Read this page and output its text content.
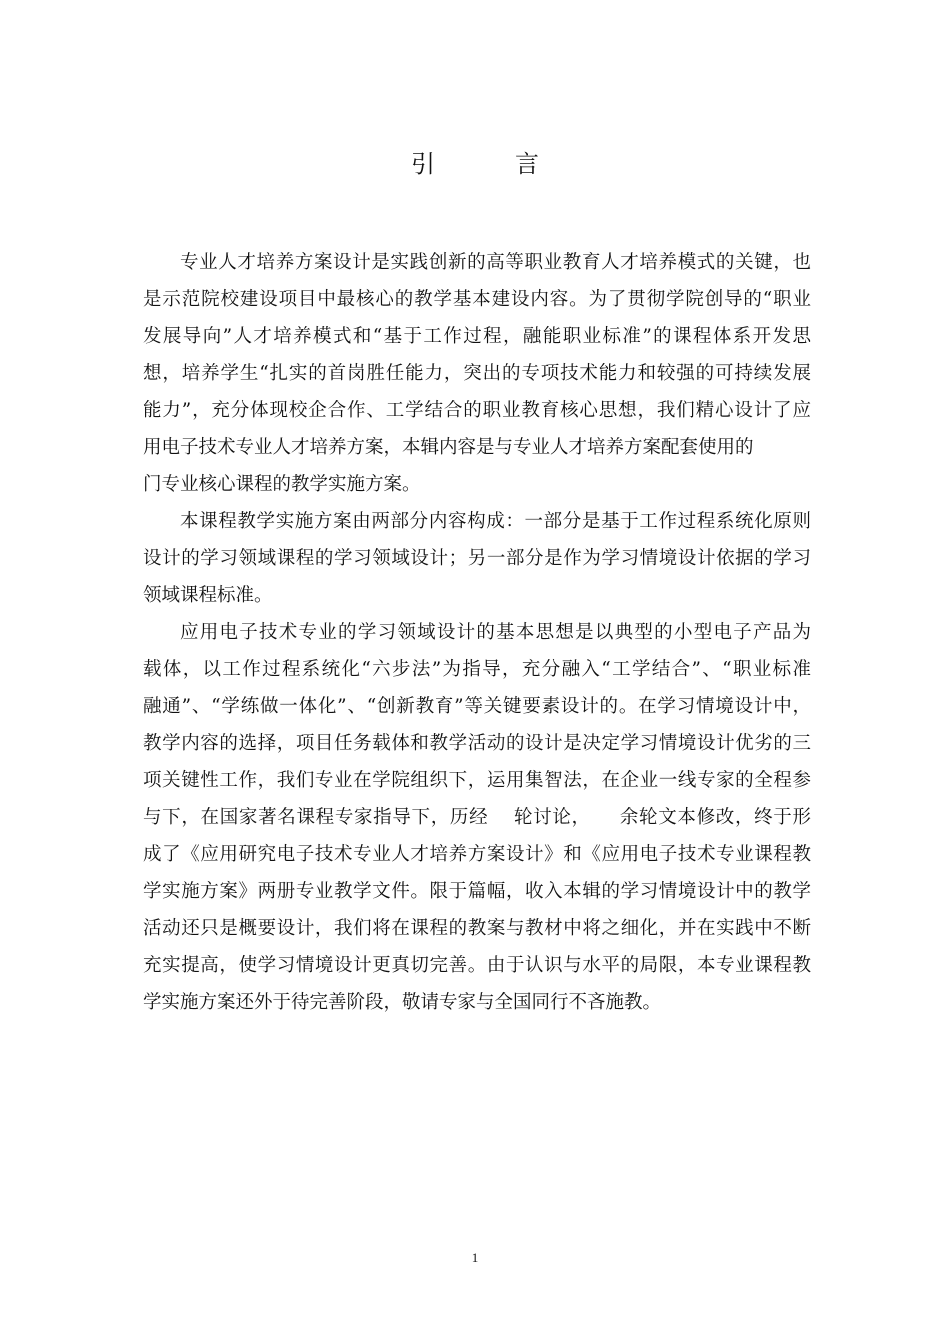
引　言
专业人才培养方案设计是实践创新的高等职业教育人才培养模式的关键，也
是示范院校建设项目中最核心的教学基本建设内容。为了贯彻学院创导的“职业
发展导向”人才培养模式和“基于工作过程，融能职业标准”的课程体系开发思
想，培养学生“扎实的首岗胜任能力，突出的专项技术能力和较强的可持续发展
能力”，充分体现校企合作、工学结合的职业教育核心思想，我们精心设计了应
用电子技术专业人才培养方案，本辑内容是与专业人才培养方案配套使用的
门专业核心课程的教学实施方案。
本课程教学实施方案由两部分内容构成：一部分是基于工作过程系统化原则
设计的学习领域课程的学习领域设计；另一部分是作为学习情境设计依据的学习
领域课程标准。
应用电子技术专业的学习领域设计的基本思想是以典型的小型电子产品为
载体，以工作过程系统化“六步法”为指导，充分融入“工学结合”、“职业标准
融通”、“学练做一体化”、“创新教育”等关键要素设计的。在学习情境设计中，
教学内容的选择，项目任务载体和教学活动的设计是决定学习情境设计优劣的三
项关键性工作，我们专业在学院组织下，运用集智法，在企业一线专家的全程参
与下，在国家著名课程专家指导下，历经　 轮讨论，　　余轮文本修改，终于形
成了《应用研究电子技术专业人才培养方案设计》和《应用电子技术专业课程教
学实施方案》两册专业教学文件。限于篇幅，收入本辑的学习情境设计中的教学
活动还只是概要设计，我们将在课程的教案与教材中将之细化，并在实践中不断
充实提高，使学习情境设计更真切完善。由于认识与水平的局限，本专业课程教
学实施方案还外于待完善阶段，敬请专家与全国同行不吝施教。
1
